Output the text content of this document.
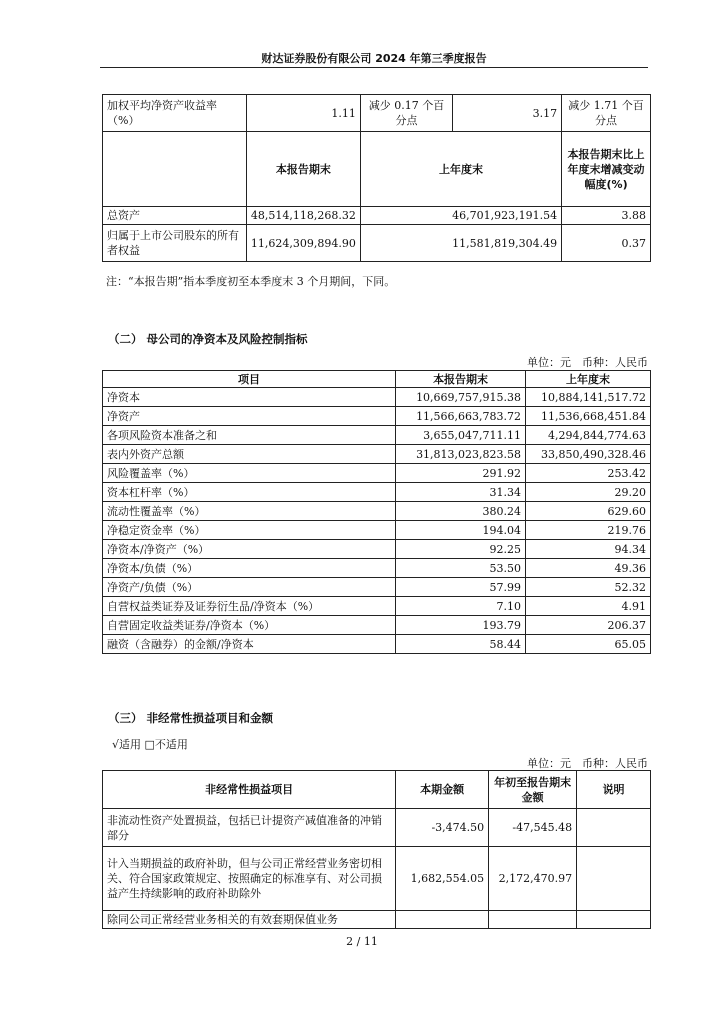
财达证券股份有限公司 2024 年第三季度报告
加权平均净资产收益率（%）	1.11	减少 0.17 个百分点	3.17	减少 1.71 个百分点
	本报告期末	上年度末		本报告期末比上年度末增减变动幅度(%)
总资产	48,514,118,268.32	46,701,923,191.54		3.88
归属于上市公司股东的所有者权益	11,624,309,894.90	11,581,819,304.49		0.37
注：“本报告期”指本季度初至本季度末 3 个月期间，下同。
（二） 母公司的净资本及风险控制指标
单位：元　币种：人民币
项目	本报告期末	上年度末
净资本	10,669,757,915.38	10,884,141,517.72
净资产	11,566,663,783.72	11,536,668,451.84
各项风险资本准备之和	3,655,047,711.11	4,294,844,774.63
表内外资产总额	31,813,023,823.58	33,850,490,328.46
风险覆盖率（%）	291.92	253.42
资本杠杆率（%）	31.34	29.20
流动性覆盖率（%）	380.24	629.60
净稳定资金率（%）	194.04	219.76
净资本/净资产（%）	92.25	94.34
净资本/负债（%）	53.50	49.36
净资产/负债（%）	57.99	52.32
自营权益类证券及证券衍生品/净资本（%）	7.10	4.91
自营固定收益类证券/净资本（%）	193.79	206.37
融资（含融券）的金额/净资本	58.44	65.05
（三） 非经常性损益项目和金额
√适用 □不适用
单位：元　币种：人民币
非经常性损益项目	本期金额	年初至报告期末金额	说明
非流动性资产处置损益，包括已计提资产减值准备的冲销部分	-3,474.50	-47,545.48	
计入当期损益的政府补助，但与公司正常经营业务密切相关、符合国家政策规定、按照确定的标准享有、对公司损益产生持续影响的政府补助除外	1,682,554.05	2,172,470.97	
除同公司正常经营业务相关的有效套期保值业务			
2 / 11
